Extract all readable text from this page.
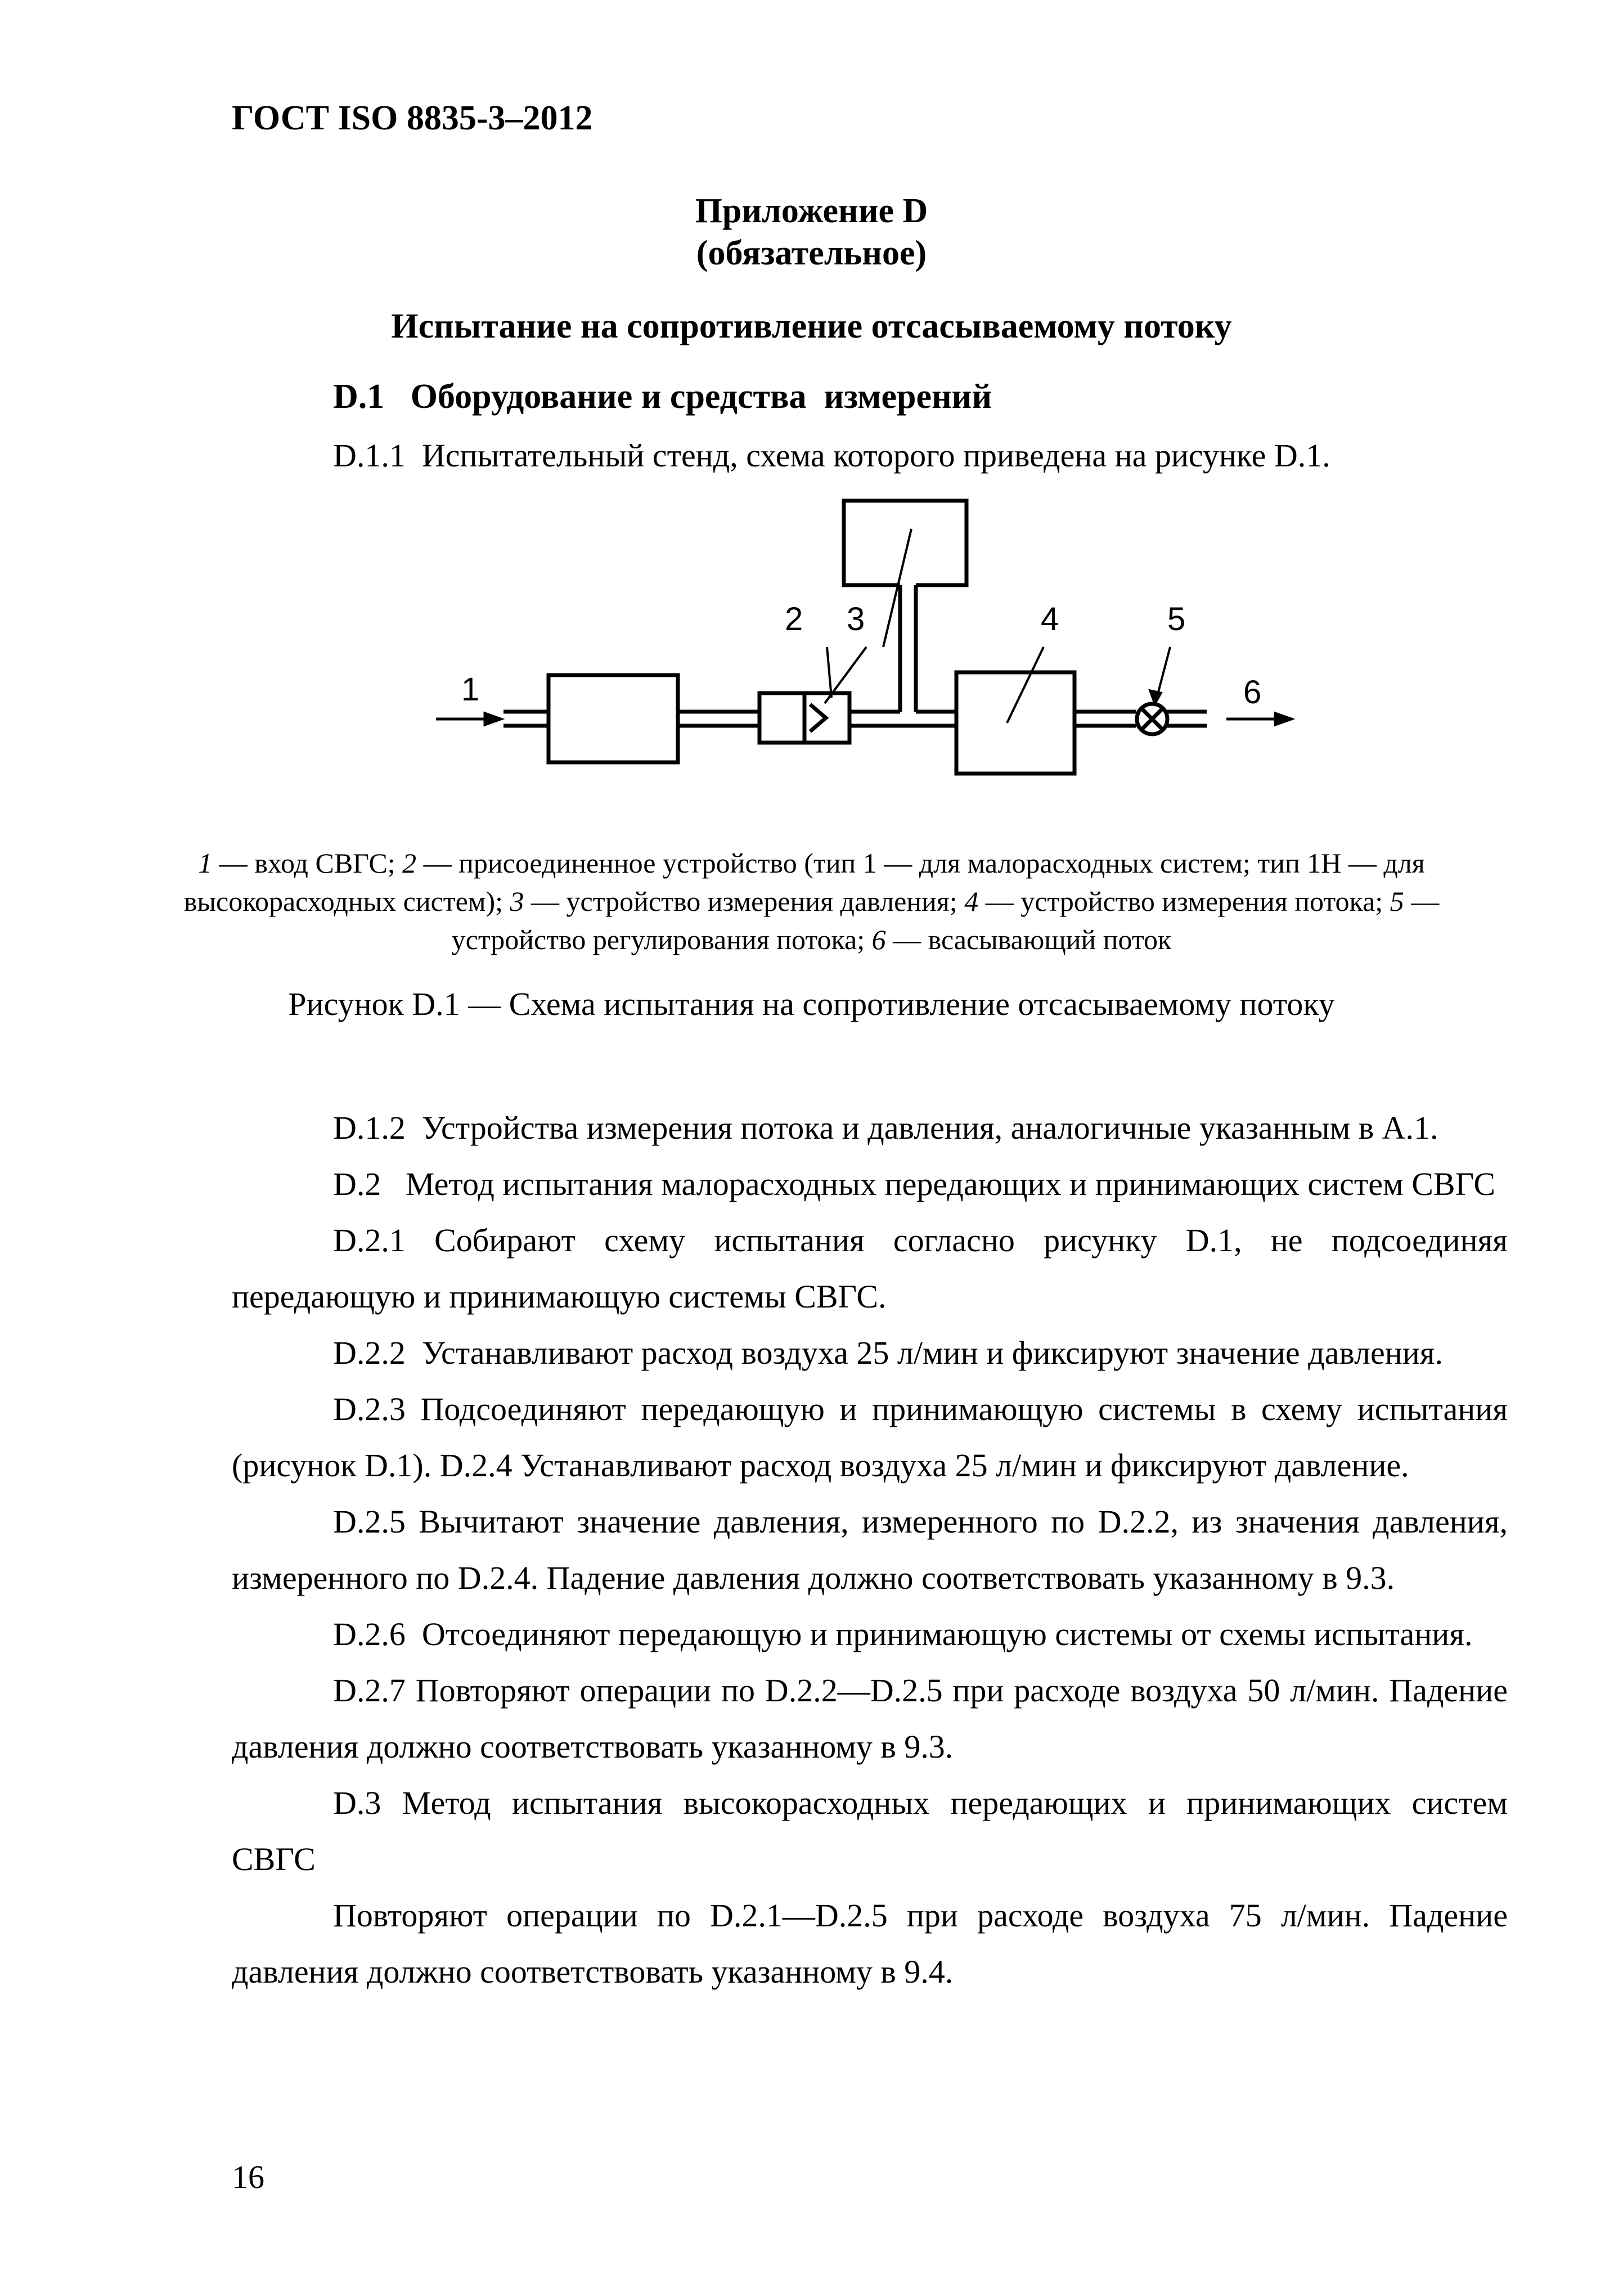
ГОСТ ISO 8835-3–2012
Приложение D
(обязательное)
Испытание на сопротивление отсасываемому потоку
D.1   Оборудование и средства  измерений
D.1.1  Испытательный стенд, схема которого приведена на рисунке D.1.
1
2 3	4	5
6
1 — вход СВГС; 2 — присоединенное устройство (тип 1 — для малорасходных систем; тип 1Н — для высокорасходных систем); 3 — устройство измерения давления; 4 — устройство измерения потока; 5 — устройство регулирования потока; 6 — всасывающий поток
Рисунок D.1 — Схема испытания на сопротивление отсасываемому потоку
D.1.2  Устройства измерения потока и давления, аналогичные указанным в А.1.
D.2   Метод испытания малорасходных передающих и принимающих систем СВГС
D.2.1 Собирают схему испытания согласно рисунку D.1, не подсоединяя передающую и принимающую системы СВГС.
D.2.2  Устанавливают расход воздуха 25 л/мин и фиксируют значение давления.
D.2.3 Подсоединяют передающую и принимающую системы в схему испытания (рисунок D.1). D.2.4 Устанавливают расход воздуха 25 л/мин и фиксируют давление.
D.2.5 Вычитают значение давления, измеренного по D.2.2, из значения давления, измеренного по D.2.4. Падение давления должно соответствовать указанному в 9.3.
D.2.6  Отсоединяют передающую и принимающую системы от схемы испытания.
D.2.7 Повторяют операции по D.2.2—D.2.5 при расходе воздуха 50 л/мин. Падение давления должно соответствовать указанному в 9.3.
D.3 Метод испытания высокорасходных передающих и принимающих систем СВГС
Повторяют операции по D.2.1—D.2.5 при расходе воздуха 75 л/мин. Падение давления должно соответствовать указанному в 9.4.
16
